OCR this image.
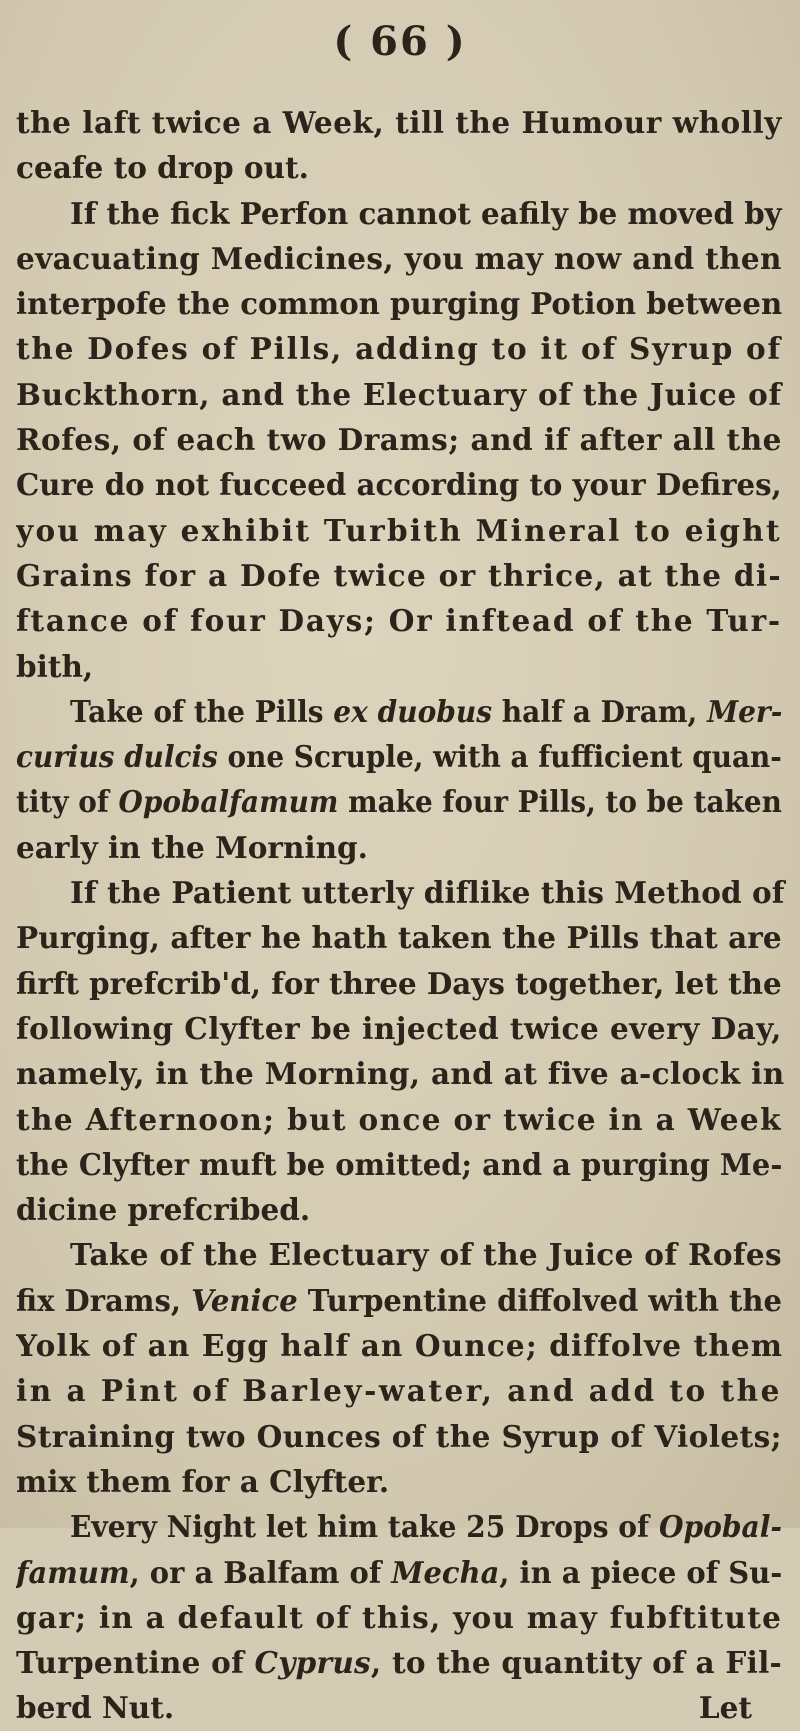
( 66 )
the laft twice a Week, till the Humour wholly
ceafe to drop out.
If the fick Perfon cannot eafily be moved by
evacuating Medicines, you may now and then
interpofe the common purging Potion between
the Dofes of Pills, adding to it of Syrup of
Buckthorn, and the Electuary of the Juice of
Rofes, of each two Drams; and if after all the
Cure do not fucceed according to your Defires,
you may exhibit Turbith Mineral to eight
Grains for a Dofe twice or thrice, at the di-
ftance of four Days; Or inftead of the Tur-
bith,
Take of the Pills ex duobus half a Dram, Mer-
curius dulcis one Scruple, with a fufficient quan-
tity of Opobalfamum make four Pills, to be taken
early in the Morning.
If the Patient utterly diflike this Method of
Purging, after he hath taken the Pills that are
firft prefcrib'd, for three Days together, let the
following Clyfter be injected twice every Day,
namely, in the Morning, and at five a-clock in
the Afternoon; but once or twice in a Week
the Clyfter muft be omitted; and a purging Me-
dicine prefcribed.
Take of the Electuary of the Juice of Rofes
fix Drams, Venice Turpentine diffolved with the
Yolk of an Egg half an Ounce; diffolve them
in a Pint of Barley-water, and add to the
Straining two Ounces of the Syrup of Violets;
mix them for a Clyfter.
Every Night let him take 25 Drops of Opobal-
famum, or a Balfam of Mecha, in a piece of Su-
gar; in a default of this, you may fubftitute
Turpentine of Cyprus, to the quantity of a Fil-
berd Nut.	Let
